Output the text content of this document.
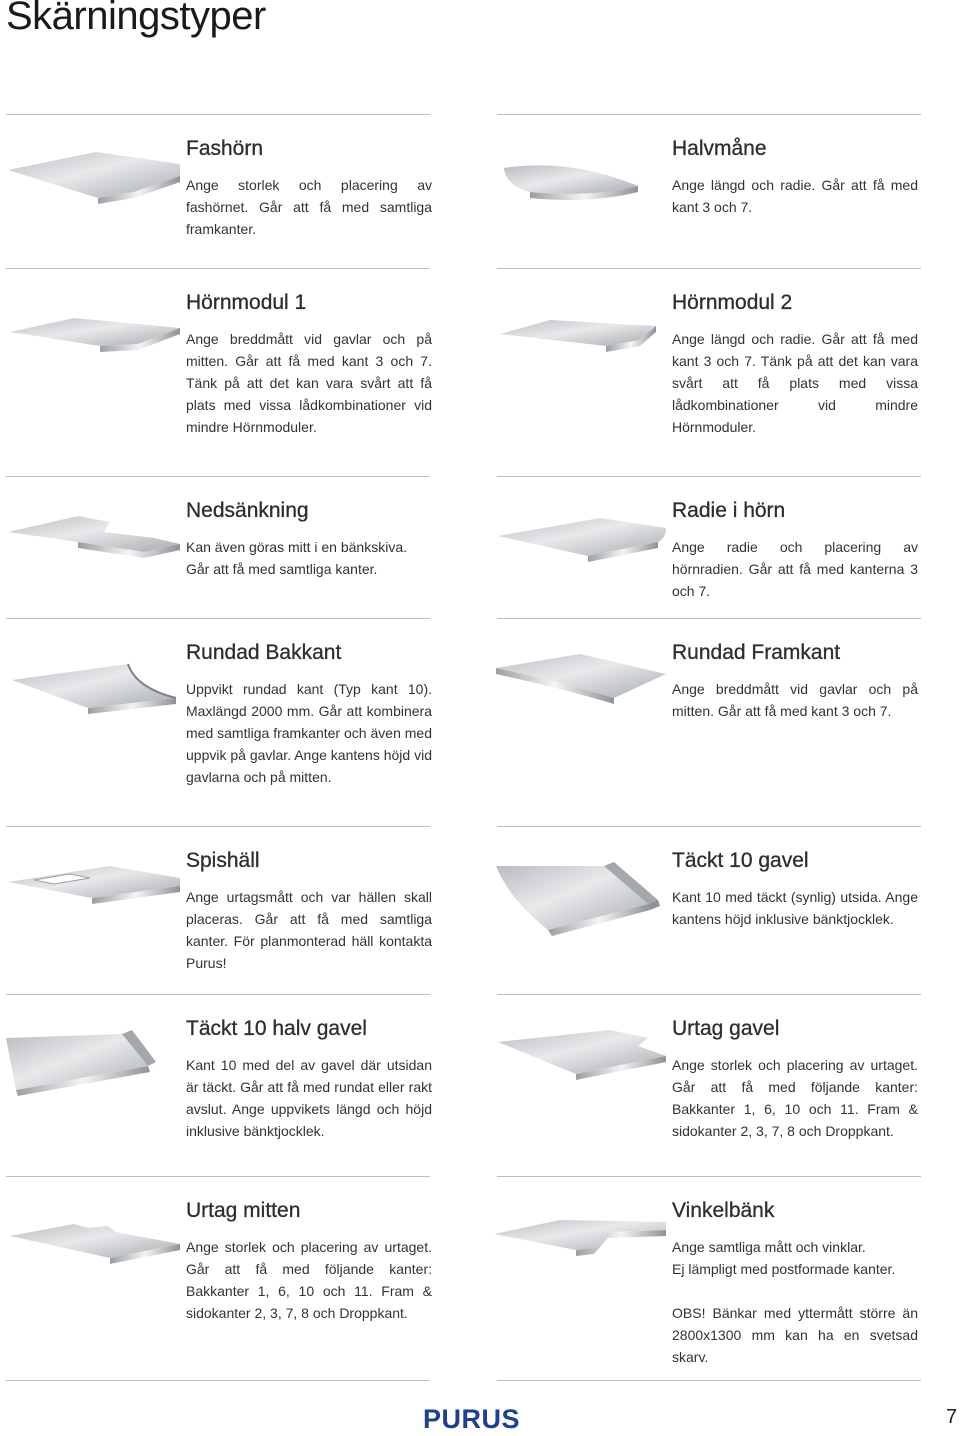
Skärningstyper
Fashörn

Ange storlek och placering av fashörnet. Går att få med samtliga framkanter.

Halvmåne

Ange längd och radie. Går att få med kant 3 och 7.

Hörnmodul 1

Ange breddmått vid gavlar och på mitten. Går att få med kant 3 och 7. Tänk på att det kan vara svårt att få plats med vissa lådkombinationer vid mindre Hörnmoduler.

Hörnmodul 2

Ange längd och radie. Går att få med kant 3 och 7. Tänk på att det kan vara svårt att få plats med vissa lådkombinationer vid mindre Hörnmoduler.

Nedsänkning

Kan även göras mitt i en bänkskiva.

Går att få med samtliga kanter.

Radie i hörn

Ange radie och placering av hörnradien. Går att få med kanterna 3 och 7.

Rundad Bakkant

Uppvikt rundad kant (Typ kant 10). Maxlängd 2000 mm. Går att kombinera med samtliga framkanter och även med uppvik på gavlar. Ange kantens höjd vid gavlarna och på mitten.

Rundad Framkant

Ange breddmått vid gavlar och på mitten. Går att få med kant 3 och 7.

Spishäll

Ange urtagsmått och var hällen skall placeras. Går att få med samtliga kanter. För planmonterad häll kontakta Purus!

Täckt 10 gavel

Kant 10 med täckt (synlig) utsida. Ange kantens höjd inklusive bänktjocklek.

Täckt 10 halv gavel

Kant 10 med del av gavel där utsidan är täckt. Går att få med rundat eller rakt avslut. Ange uppvikets längd och höjd inklusive bänktjocklek.

Urtag gavel

Ange storlek och placering av urtaget. Går att få med följande kanter: Bakkanter 1, 6, 10 och 11. Fram & sidokanter 2, 3, 7, 8 och Droppkant.

Urtag mitten

Ange storlek och placering av urtaget. Går att få med följande kanter: Bakkanter 1, 6, 10 och 11. Fram & sidokanter 2, 3, 7, 8 och Droppkant.

Vinkelbänk

Ange samtliga mått och vinklar.

Ej lämpligt med postformade kanter.

OBS! Bänkar med yttermått större än 2800x1300 mm kan ha en svetsad skarv.

PURUS	7
